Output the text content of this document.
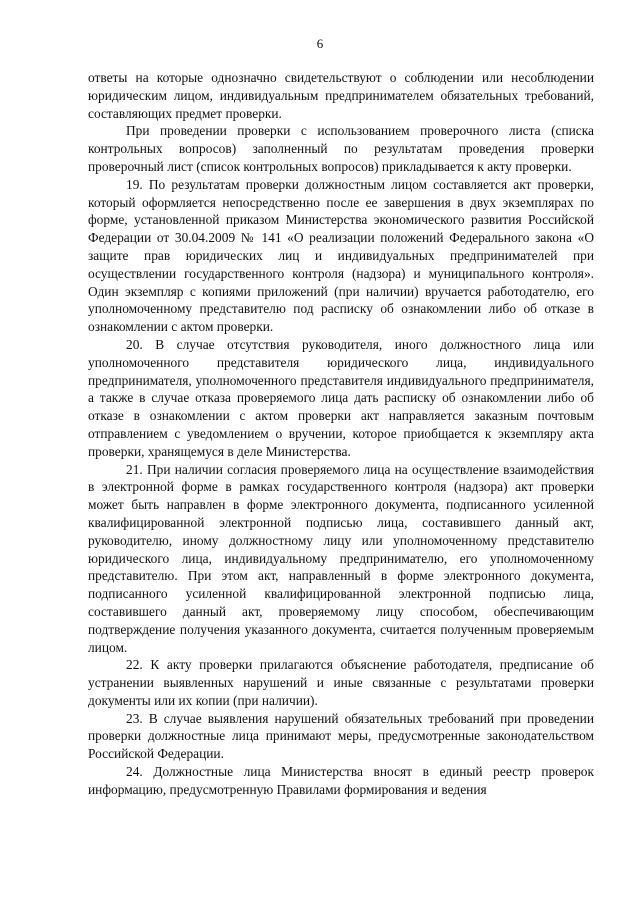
6

ответы на которые однозначно свидетельствуют о соблюдении или несоблюдении юридическим лицом, индивидуальным предпринимателем обязательных требований, составляющих предмет проверки.

При проведении проверки с использованием проверочного листа (списка контрольных вопросов) заполненный по результатам проведения проверки проверочный лист (список контрольных вопросов) прикладывается к акту проверки.

19. По результатам проверки должностным лицом составляется акт проверки, который оформляется непосредственно после ее завершения в двух экземплярах по форме, установленной приказом Министерства экономического развития Российской Федерации от 30.04.2009 № 141 «О реализации положений Федерального закона «О защите прав юридических лиц и индивидуальных предпринимателей при осуществлении государственного контроля (надзора) и муниципального контроля». Один экземпляр с копиями приложений (при наличии) вручается работодателю, его уполномоченному представителю под расписку об ознакомлении либо об отказе в ознакомлении с актом проверки.

20. В случае отсутствия руководителя, иного должностного лица или уполномоченного представителя юридического лица, индивидуального предпринимателя, уполномоченного представителя индивидуального предпринимателя, а также в случае отказа проверяемого лица дать расписку об ознакомлении либо об отказе в ознакомлении с актом проверки акт направляется заказным почтовым отправлением с уведомлением о вручении, которое приобщается к экземпляру акта проверки, хранящемуся в деле Министерства.

21. При наличии согласия проверяемого лица на осуществление взаимодействия в электронной форме в рамках государственного контроля (надзора) акт проверки может быть направлен в форме электронного документа, подписанного усиленной квалифицированной электронной подписью лица, составившего данный акт, руководителю, иному должностному лицу или уполномоченному представителю юридического лица, индивидуальному предпринимателю, его уполномоченному представителю. При этом акт, направленный в форме электронного документа, подписанного усиленной квалифицированной электронной подписью лица, составившего данный акт, проверяемому лицу способом, обеспечивающим подтверждение получения указанного документа, считается полученным проверяемым лицом.

22. К акту проверки прилагаются объяснение работодателя, предписание об устранении выявленных нарушений и иные связанные с результатами проверки документы или их копии (при наличии).

23. В случае выявления нарушений обязательных требований при проведении проверки должностные лица принимают меры, предусмотренные законодательством Российской Федерации.

24. Должностные лица Министерства вносят в единый реестр проверок информацию, предусмотренную Правилами формирования и ведения
